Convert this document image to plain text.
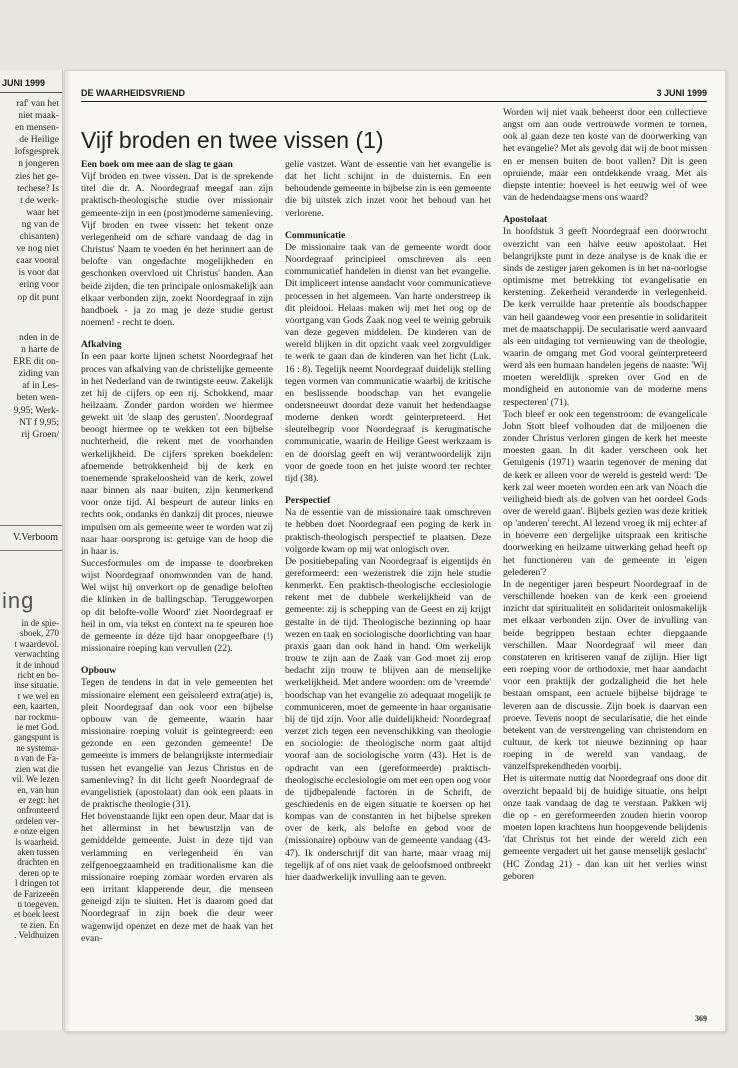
JUNI 1999
raf' van het
niet maak-
en mensen-
de Heilige
lofsgesprek
n jongeren
zies het ge-
techese? Is
t de werk-
waar het
ng van de
chisanten)
ve nog niet
caar vooral
is voor dat
ering voor
op dit punt
nden in de
n harte de
ERE dit on-
ziding van
af in Les-
beten wen-
9,95; Werk-
NT f 9,95;
rij Groen/
V.Verboom
ing
in de spie-
sboek, 270
t waardevol.
verwachting
it de inhoud
richt en bo-
inse situatie.
t we wel en
een, kaarten,
nar rockmu-
ie met God.
gangspunt is
ne systema-
n van de Fa-
zien wat die
vil. We lezen
en, van hun
er zegt: het
onfronteerd
ordelen ver-
e onze eigen
ls waarheid.
aken tussen
drachten en
deren op te
l dringen tot
de Farizeeën
n toegeven.
et boek leest
te zien. En
. Veldhuizen
DE WAARHEIDSVRIEND	3 JUNI 1999
Vijf broden en twee vissen (1)

Een boek om mee aan de slag te gaan

Vijf broden en twee vissen. Dat is de sprekende titel die dr. A. Noordegraaf meegaf aan zijn praktisch-theologische studie over missionair gemeente-zijn in een (post)moderne samenleving. Vijf broden en twee vissen: het tekent onze verlegenheid om de schare vandaag de dag in Christus' Naam te voeden én het herinnert aan de belofte van ongedachte mogelijkheden en geschonken overvloed uit Christus' handen. Aan beide zijden, die ten principale onlosmakelijk aan elkaar verbonden zijn, zoekt Noordegraaf in zijn handboek - ja zo mag je deze studie gerust noemen! - recht te doen.

Afkalving

In een paar korte lijnen schetst Noordegraaf het proces van afkalving van de christelijke gemeente in het Nederland van de twintigste eeuw. Zakelijk zet hij de cijfers op een rij. Schokkend, maar heilzaam. Zonder pardon worden we hiermee gewekt uit 'de slaap des gerusten'. Noordegraaf beoogt hiermee op te wekken tot een bijbelse nuchterheid, die rekent met de voorhanden werkelijkheid. De cijfers spreken boekdelen: afnemende betrokkenheid bij de kerk en toenemende sprakeloosheid van de kerk, zowel naar binnen als naar buiten, zijn kenmerkend voor onze tijd. Al bespeurt de auteur links en rechts ook, ondanks én dankzij dit proces, nieuwe impulsen om als gemeente weer te worden wat zij naar haar oorsprong is: getuige van de hoop die in haar is.

Succesformules om de impasse te doorbreken wijst Noordegraaf onomwonden van de hand. Wel wijst hij onverkort op de genadige beloften die klinken in de ballingschap. 'Teruggeworpen op dit belofte-volle Woord' ziet Noordegraaf er heil in om, via tekst en context na te speuren hoe de gemeente in déze tijd haar onopgeefbare (!) missionaire roeping kan vervullen (22).

Opbouw

Tegen de tendens in dat in vele gemeenten het missionaire element een geïsoleerd extra(atje) is, pleit Noordegraaf dan ook voor een bijbelse opbouw van de gemeente, waarin haar missionaire roeping voluit is geïntegreerd: een gezonde en een gezonden gemeente! De gemeente is immers de belangrijkste intermediair tussen het evangelie van Jezus Christus en de samenleving? In dit licht geeft Noordegraaf de evangelistiek (apostolaat) dan ook een plaats in de praktische theologie (31).

Het bovenstaande lijkt een open deur. Maar dat is het allerminst in het bewustzijn van de gemiddelde gemeente. Juist in deze tijd van verlamming en verlegenheid én van zelfgenoegzaamheid en traditionalisme kan die missionaire roeping zomaar worden ervaren als een irritant klapperende deur, die menseen geneigd zijn te sluiten. Het is daarom goed dat Noordegraaf in zijn boek die deur weer wagenwijd openzet en deze met de haak van het evan-

gelie vastzet. Want de essentie van het evangelie is dat het licht schijnt in de duisternis. En een behoudende gemeente in bijbelse zin is een gemeente die bij uitstek zich inzet voor het behoud van het verlorene.

Communicatie

De missionaire taak van de gemeente wordt door Noordegraaf principieel omschreven als een communicatief handelen in dienst van het evangelie. Dit impliceert intense aandacht voor communicatieve processen in het algemeen. Van harte onderstreep ik dit pleidooi. Helaas maken wij met het oog op de voortgang van Gods Zaak nog veel te weinig gebruik van deze gegeven middelen. De kinderen van de wereld blijken in dit opzicht vaak veel zorgvuldiger te werk te gaan dan de kinderen van het licht (Luk. 16 : 8). Tegelijk neemt Noordegraaf duidelijk stelling tegen vormen van communicatie waarbij de kritische en beslissende boodschap van het evangelie ondersneeuwt doordat deze vanuit het hedendaagse moderne denken wordt geïnterpreteerd. Het sleutelbegrip voor Noordegraaf is kerugmatische communicatie, waarin de Heilige Geest werkzaam is en de doorslag geeft en wij verantwoordelijk zijn voor de goede toon en het juiste woord ter rechter tijd (38).

Perspectief

Na de essentie van de missionaire taak omschreven te hebben doet Noordegraaf een poging de kerk in praktisch-theologisch perspectief te plaatsen. Deze volgorde kwam op mij wat onlogisch over.

De positiebepaling van Noordegraaf is eigentijds én gereformeerd: een wezenstrek die zijn hele studie kenmerkt. Een praktisch-theologische ecclesiologie rekent met de dubbele werkelijkheid van de gemeente: zij is schepping van de Geest en zij krijgt gestalte in de tijd. Theologische bezinning op haar wezen en taak en sociologische doorlichting van haar praxis gaan dan ook hand in hand. Om werkelijk trouw te zijn aan de Zaak van God moet zij erop bedacht zijn trouw te blijven aan de menselijke werkelijkheid. Met andere woorden: om de 'vreemde' boodschap van het evangelie zo adequaat mogelijk te communiceren, moet de gemeente in haar organisatie bij de tijd zijn. Voor alle duidelijkheid: Noordegraaf verzet zich tegen een nevenschikking van theologie en sociologie: de theologische norm gaat altijd vooraf aan de sociologische vorm (43). Het is de opdracht van een (gereformeerde) praktisch-theologische ecclesiologie om met een open oog voor de tijdbepalende factoren in de Schrift, de geschiedenis en de eigen situatie te koersen op het kompas van de constanten in het bijbelse spreken over de kerk, als belofte en gebod voor de (missionaire) opbouw van de gemeente vandaag (43-47). Ik onderschrijf dit van harte, maar vraag mij tegelijk af of ons niet vaak de geloofsmoed ontbreekt hier daadwerkelijk invulling aan te geven.

Worden wij niet vaak beheerst door een collectieve angst om aan oude vertrouwde vormen te tornen, ook al gaan deze ten koste van de doorwerking van het evangelie? Met als gevolg dat wij de boot missen en er mensen buiten de boot vallen? Dit is geen opruiende, maar een ontdekkende vraag. Met als diepste intentie: hoeveel is het eeuwig wel of wee van de hedendaagse mens ons waard?

Apostolaat

In hoofdstuk 3 geeft Noordegraaf een doorwrocht overzicht van een halve eeuw apostolaat. Het belangrijkste punt in deze analyse is de knak die er sinds de zestiger jaren gekomen is in het na-oorlogse optimisme met betrekking tot evangelisatie en kerstening. Zekerheid veranderde in verlegenheid. De kerk verruilde haar pretentie als boodschapper van heil gaandeweg voor een presentie in solidariteit met de maatschappij. De secularisatie werd aanvaard als een uitdaging tot vernieuwing van de theologie, waarin de omgang met God vooral geïnterpreteerd werd als een humaan handelen jegens de naaste: 'Wij moeten wereldlijk spreken over God en de mondigheid en autonomie van de moderne mens respecteren' (71).

Toch bleef er ook een tegenstroom: de evangelicale John Stott bleef volhouden dat de miljoenen die zonder Christus verloren gingen de kerk het meeste moesten gaan. In dit kader verscheen ook het Getuigenis (1971) waarin tegenover de mening dat de kerk er alleen voor de wereld is gesteld werd: 'De kerk zal weer moeten worden een ark van Noach die veiligheid biedt als de golven van het oordeel Gods over de wereld gaan'. Bijbels gezien was deze kritiek op 'anderen' terecht. Al lezend vroeg ik mij echter af in hoeverre een dergelijke uitspraak een kritische doorwerking en heilzame uitwerking gehad heeft op het functioneren van de gemeente in 'eigen gelederen'?

In de negentiger jaren bespeurt Noordegraaf in de verschillende hoeken van de kerk een groeiend inzicht dat spiritualiteit en solidariteit onlosmakelijk met elkaar verbonden zijn. Over de invulling van beide begrippen bestaan echter diepgaande verschillen. Maar Noordegraaf wil meer dan constateren en kritiseren vanaf de zijlijn. Hier ligt een roeping voor de orthodoxie, met haar aandacht voor een praktijk der godzaligheid die het hele bestaan omspant, een actuele bijbelse bijdrage te leveren aan de discussie. Zijn boek is daarvan een proeve. Tevens noopt de secularisatie, die het einde betekent van de verstrengeling van christendom en cultuur, de kerk tot nieuwe bezinning op haar roeping in de wereld van vandaag, de vanzelfsprekendheden voorbij.

Het is uitermate nuttig dat Noordegraaf ons door dit overzicht bepaald bij de huidige situatie, ons helpt onze taak vandaag de dag te verstaan. Pakken wij die op - en gereformeerden zouden hierin voorop moeten lopen krachtens hun hoopgevende belijdenis 'dat Christus tot het einde der wereld zich een gemeente vergadert uit het ganse menselijk geslacht' (HC Zondag 21) - dan kan uit het verlies winst geboren

369
